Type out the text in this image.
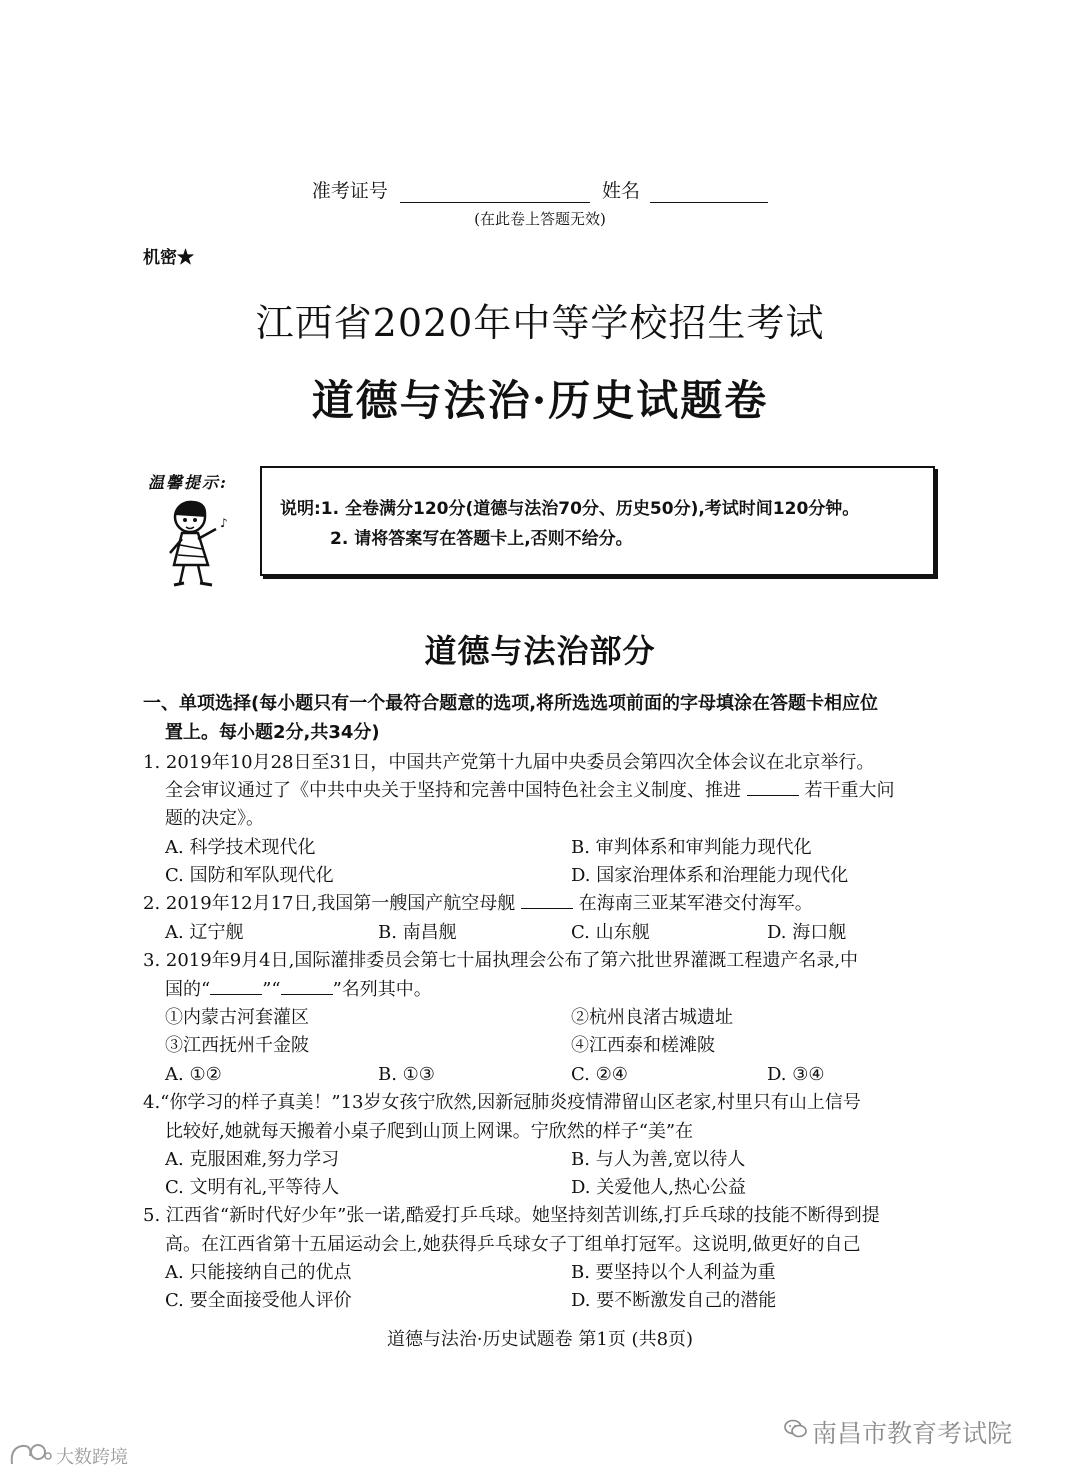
准考证号	姓名
(在此卷上答题无效)
机密★
江西省2020年中等学校招生考试
道德与法治·历史试题卷
温馨提示:
♪
说明:1. 全卷满分120分(道德与法治70分、历史50分),考试时间120分钟。
2. 请将答案写在答题卡上,否则不给分。
道德与法治部分
一、单项选择(每小题只有一个最符合题意的选项,将所选选项前面的字母填涂在答题卡相应位
置上。每小题2分,共34分)
1. 2019年10月28日至31日，中国共产党第十九届中央委员会第四次全体会议在北京举行。
全会审议通过了《中共中央关于坚持和完善中国特色社会主义制度、推进	若干重大问
题的决定》。
A. 科学技术现代化	B. 审判体系和审判能力现代化
C. 国防和军队现代化	D. 国家治理体系和治理能力现代化
2. 2019年12月17日,我国第一艘国产航空母舰	在海南三亚某军港交付海军。
A. 辽宁舰	B. 南昌舰	C. 山东舰	D. 海口舰
3. 2019年9月4日,国际灌排委员会第七十届执理会公布了第六批世界灌溉工程遗产名录,中
国的“	”“	”名列其中。
①内蒙古河套灌区	②杭州良渚古城遗址
③江西抚州千金陂	④江西泰和槎滩陂
A. ①②	B. ①③	C. ②④	D. ③④
4.“你学习的样子真美！”13岁女孩宁欣然,因新冠肺炎疫情滞留山区老家,村里只有山上信号
比较好,她就每天搬着小桌子爬到山顶上网课。宁欣然的样子“美”在
A. 克服困难,努力学习	B. 与人为善,宽以待人
C. 文明有礼,平等待人	D. 关爱他人,热心公益
5. 江西省“新时代好少年”张一诺,酷爱打乒乓球。她坚持刻苦训练,打乒乓球的技能不断得到提
高。在江西省第十五届运动会上,她获得乒乓球女子丁组单打冠军。这说明,做更好的自己
A. 只能接纳自己的优点	B. 要坚持以个人利益为重
C. 要全面接受他人评价	D. 要不断激发自己的潜能
道德与法治·历史试题卷 第1页 (共8页)
南昌市教育考试院
大数跨境
